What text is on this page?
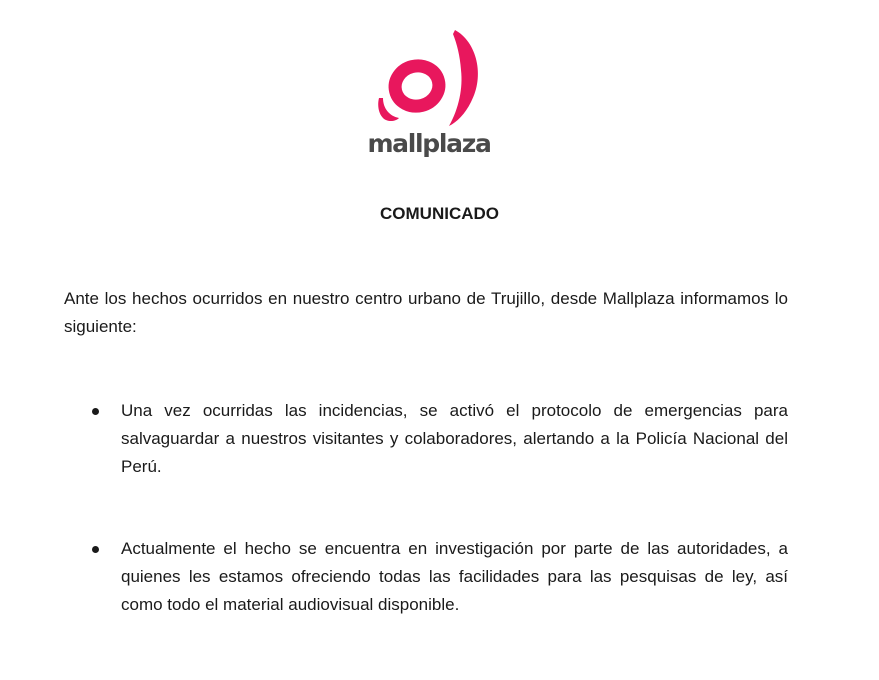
mallplaza
COMUNICADO
Ante los hechos ocurridos en nuestro centro urbano de Trujillo, desde Mallplaza informamos lo siguiente:
Una vez ocurridas las incidencias, se activó el protocolo de emergencias para salvaguardar a nuestros visitantes y colaboradores, alertando a la Policía Nacional del Perú.
Actualmente el hecho se encuentra en investigación por parte de las autoridades, a quienes les estamos ofreciendo todas las facilidades para las pesquisas de ley, así como todo el material audiovisual disponible.
